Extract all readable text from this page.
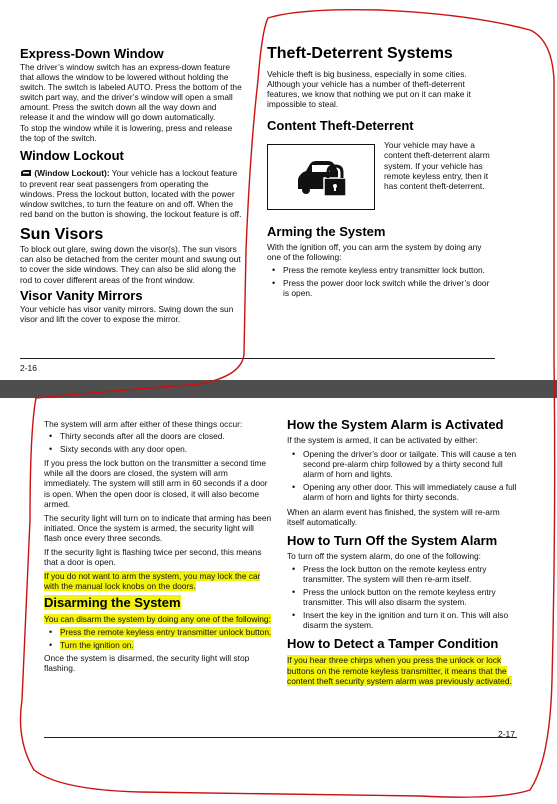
Express-Down Window

The driver’s window switch has an express-down feature that allows the window to be lowered without holding the switch. The switch is labeled AUTO. Press the bottom of the switch part way, and the driver’s window will open a small amount. Press the switch down all the way down and release it and the window will go down automatically.

To stop the window while it is lowering, press and release the top of the switch.

Window Lockout

(Window Lockout): Your vehicle has a lockout feature to prevent rear seat passengers from operating the windows. Press the lockout button, located with the power window switches, to turn the feature on and off. When the red band on the button is showing, the lockout feature is off.

Sun Visors

To block out glare, swing down the visor(s). The sun visors can also be detached from the center mount and swung out to cover the side windows. They can also be slid along the rod to cover different areas of the front window.

Visor Vanity Mirrors

Your vehicle has visor vanity mirrors. Swing down the sun visor and lift the cover to expose the mirror.

Theft-Deterrent Systems

Vehicle theft is big business, especially in some cities. Although your vehicle has a number of theft-deterrent features, we know that nothing we put on it can make it impossible to steal.

Content Theft-Deterrent

Your vehicle may have a content theft-deterrent alarm system. If your vehicle has remote keyless entry, then it has content theft-deterrent.

Arming the System

With the ignition off, you can arm the system by doing any one of the following:

• Press the remote keyless entry transmitter lock button.
• Press the power door lock switch while the driver’s door is open.
2-16

The system will arm after either of these things occur:

• Thirty seconds after all the doors are closed.
• Sixty seconds with any door open.

If you press the lock button on the transmitter a second time while all the doors are closed, the system will arm immediately. The system will still arm in 60 seconds if a door is open. When the open door is closed, it will also become armed.

The security light will turn on to indicate that arming has been initiated. Once the system is armed, the security light will flash once every three seconds.

If the security light is flashing twice per second, this means that a door is open.

If you do not want to arm the system, you may lock the car with the manual lock knobs on the doors.

Disarming the System

You can disarm the system by doing any one of the following:

• Press the remote keyless entry transmitter unlock button.
• Turn the ignition on.

Once the system is disarmed, the security light will stop flashing.

How the System Alarm is Activated

If the system is armed, it can be activated by either:

• Opening the driver’s door or tailgate. This will cause a ten second pre-alarm chirp followed by a thirty second full alarm of horn and lights.
• Opening any other door. This will immediately cause a full alarm of horn and lights for thirty seconds.

When an alarm event has finished, the system will re-arm itself automatically.

How to Turn Off the System Alarm

To turn off the system alarm, do one of the following:

• Press the lock button on the remote keyless entry transmitter. The system will then re-arm itself.
• Press the unlock button on the remote keyless entry transmitter. This will also disarm the system.
• Insert the key in the ignition and turn it on. This will also disarm the system.
How to Detect a Tamper Condition

If you hear three chirps when you press the unlock or lock buttons on the remote keyless transmitter, it means that the content theft security system alarm was previously activated.

2-17
